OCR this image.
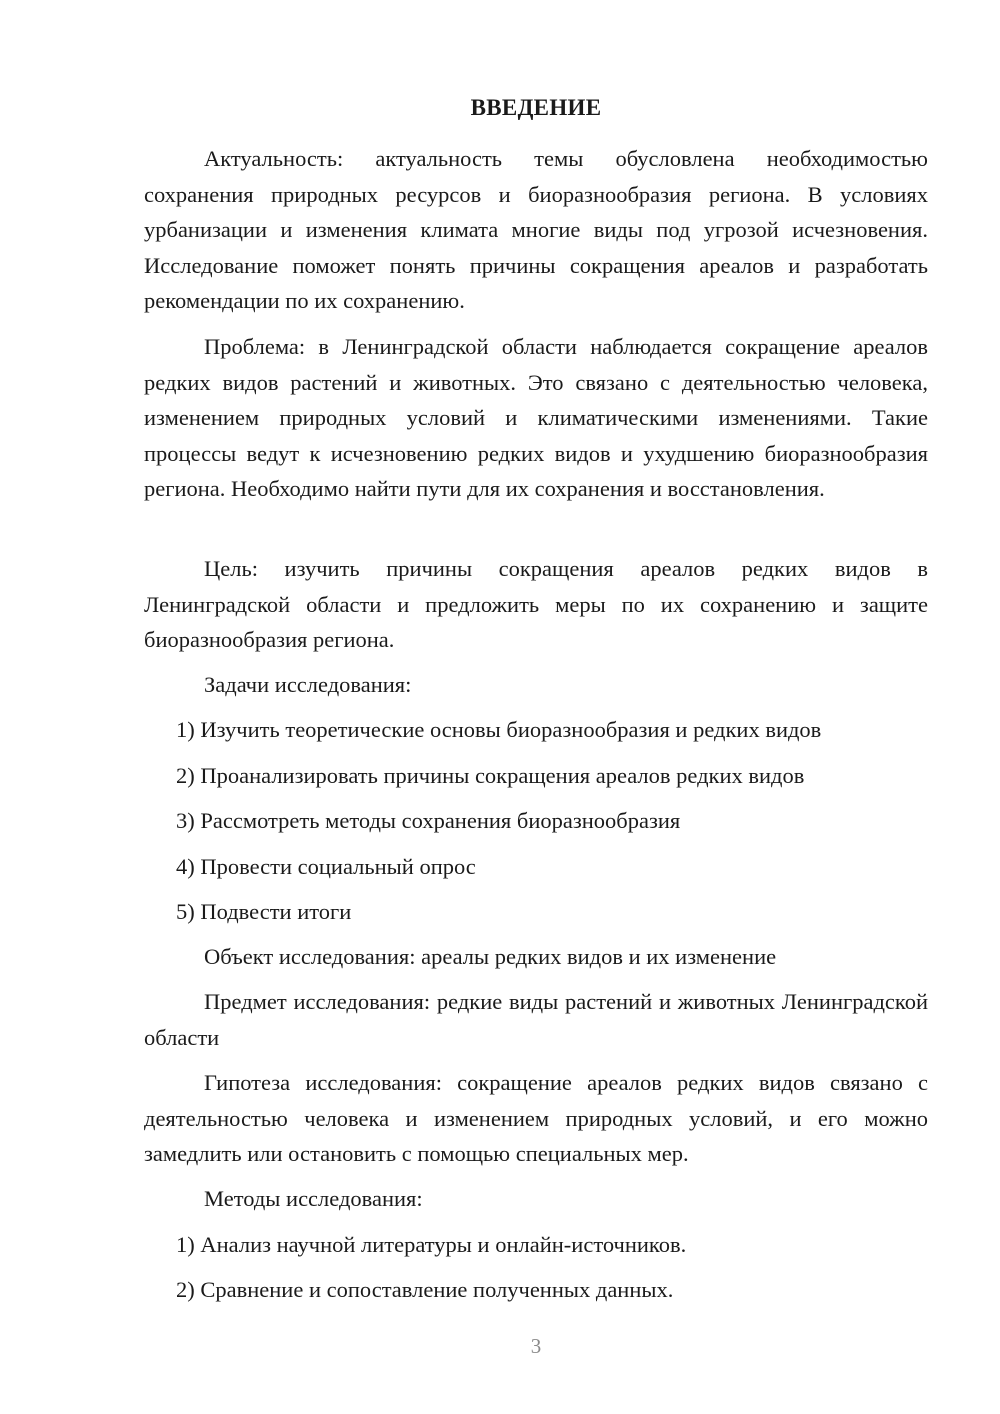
ВВЕДЕНИЕ
Актуальность: актуальность темы обусловлена необходимостью сохранения природных ресурсов и биоразнообразия региона. В условиях урбанизации и изменения климата многие виды под угрозой исчезновения. Исследование поможет понять причины сокращения ареалов и разработать рекомендации по их сохранению.
Проблема: в Ленинградской области наблюдается сокращение ареалов редких видов растений и животных. Это связано с деятельностью человека, изменением природных условий и климатическими изменениями. Такие процессы ведут к исчезновению редких видов и ухудшению биоразнообразия региона. Необходимо найти пути для их сохранения и восстановления.
Цель: изучить причины сокращения ареалов редких видов в Ленинградской области и предложить меры по их сохранению и защите биоразнообразия региона.
Задачи исследования:
1) Изучить теоретические основы биоразнообразия и редких видов
2) Проанализировать причины сокращения ареалов редких видов
3) Рассмотреть методы сохранения биоразнообразия
4) Провести социальный опрос
5) Подвести итоги
Объект исследования: ареалы редких видов и их изменение
Предмет исследования: редкие виды растений и животных Ленинградской области
Гипотеза исследования: сокращение ареалов редких видов связано с деятельностью человека и изменением природных условий, и его можно замедлить или остановить с помощью специальных мер.
Методы исследования:
1) Анализ научной литературы и онлайн-источников.
2) Сравнение и сопоставление полученных данных.
3
